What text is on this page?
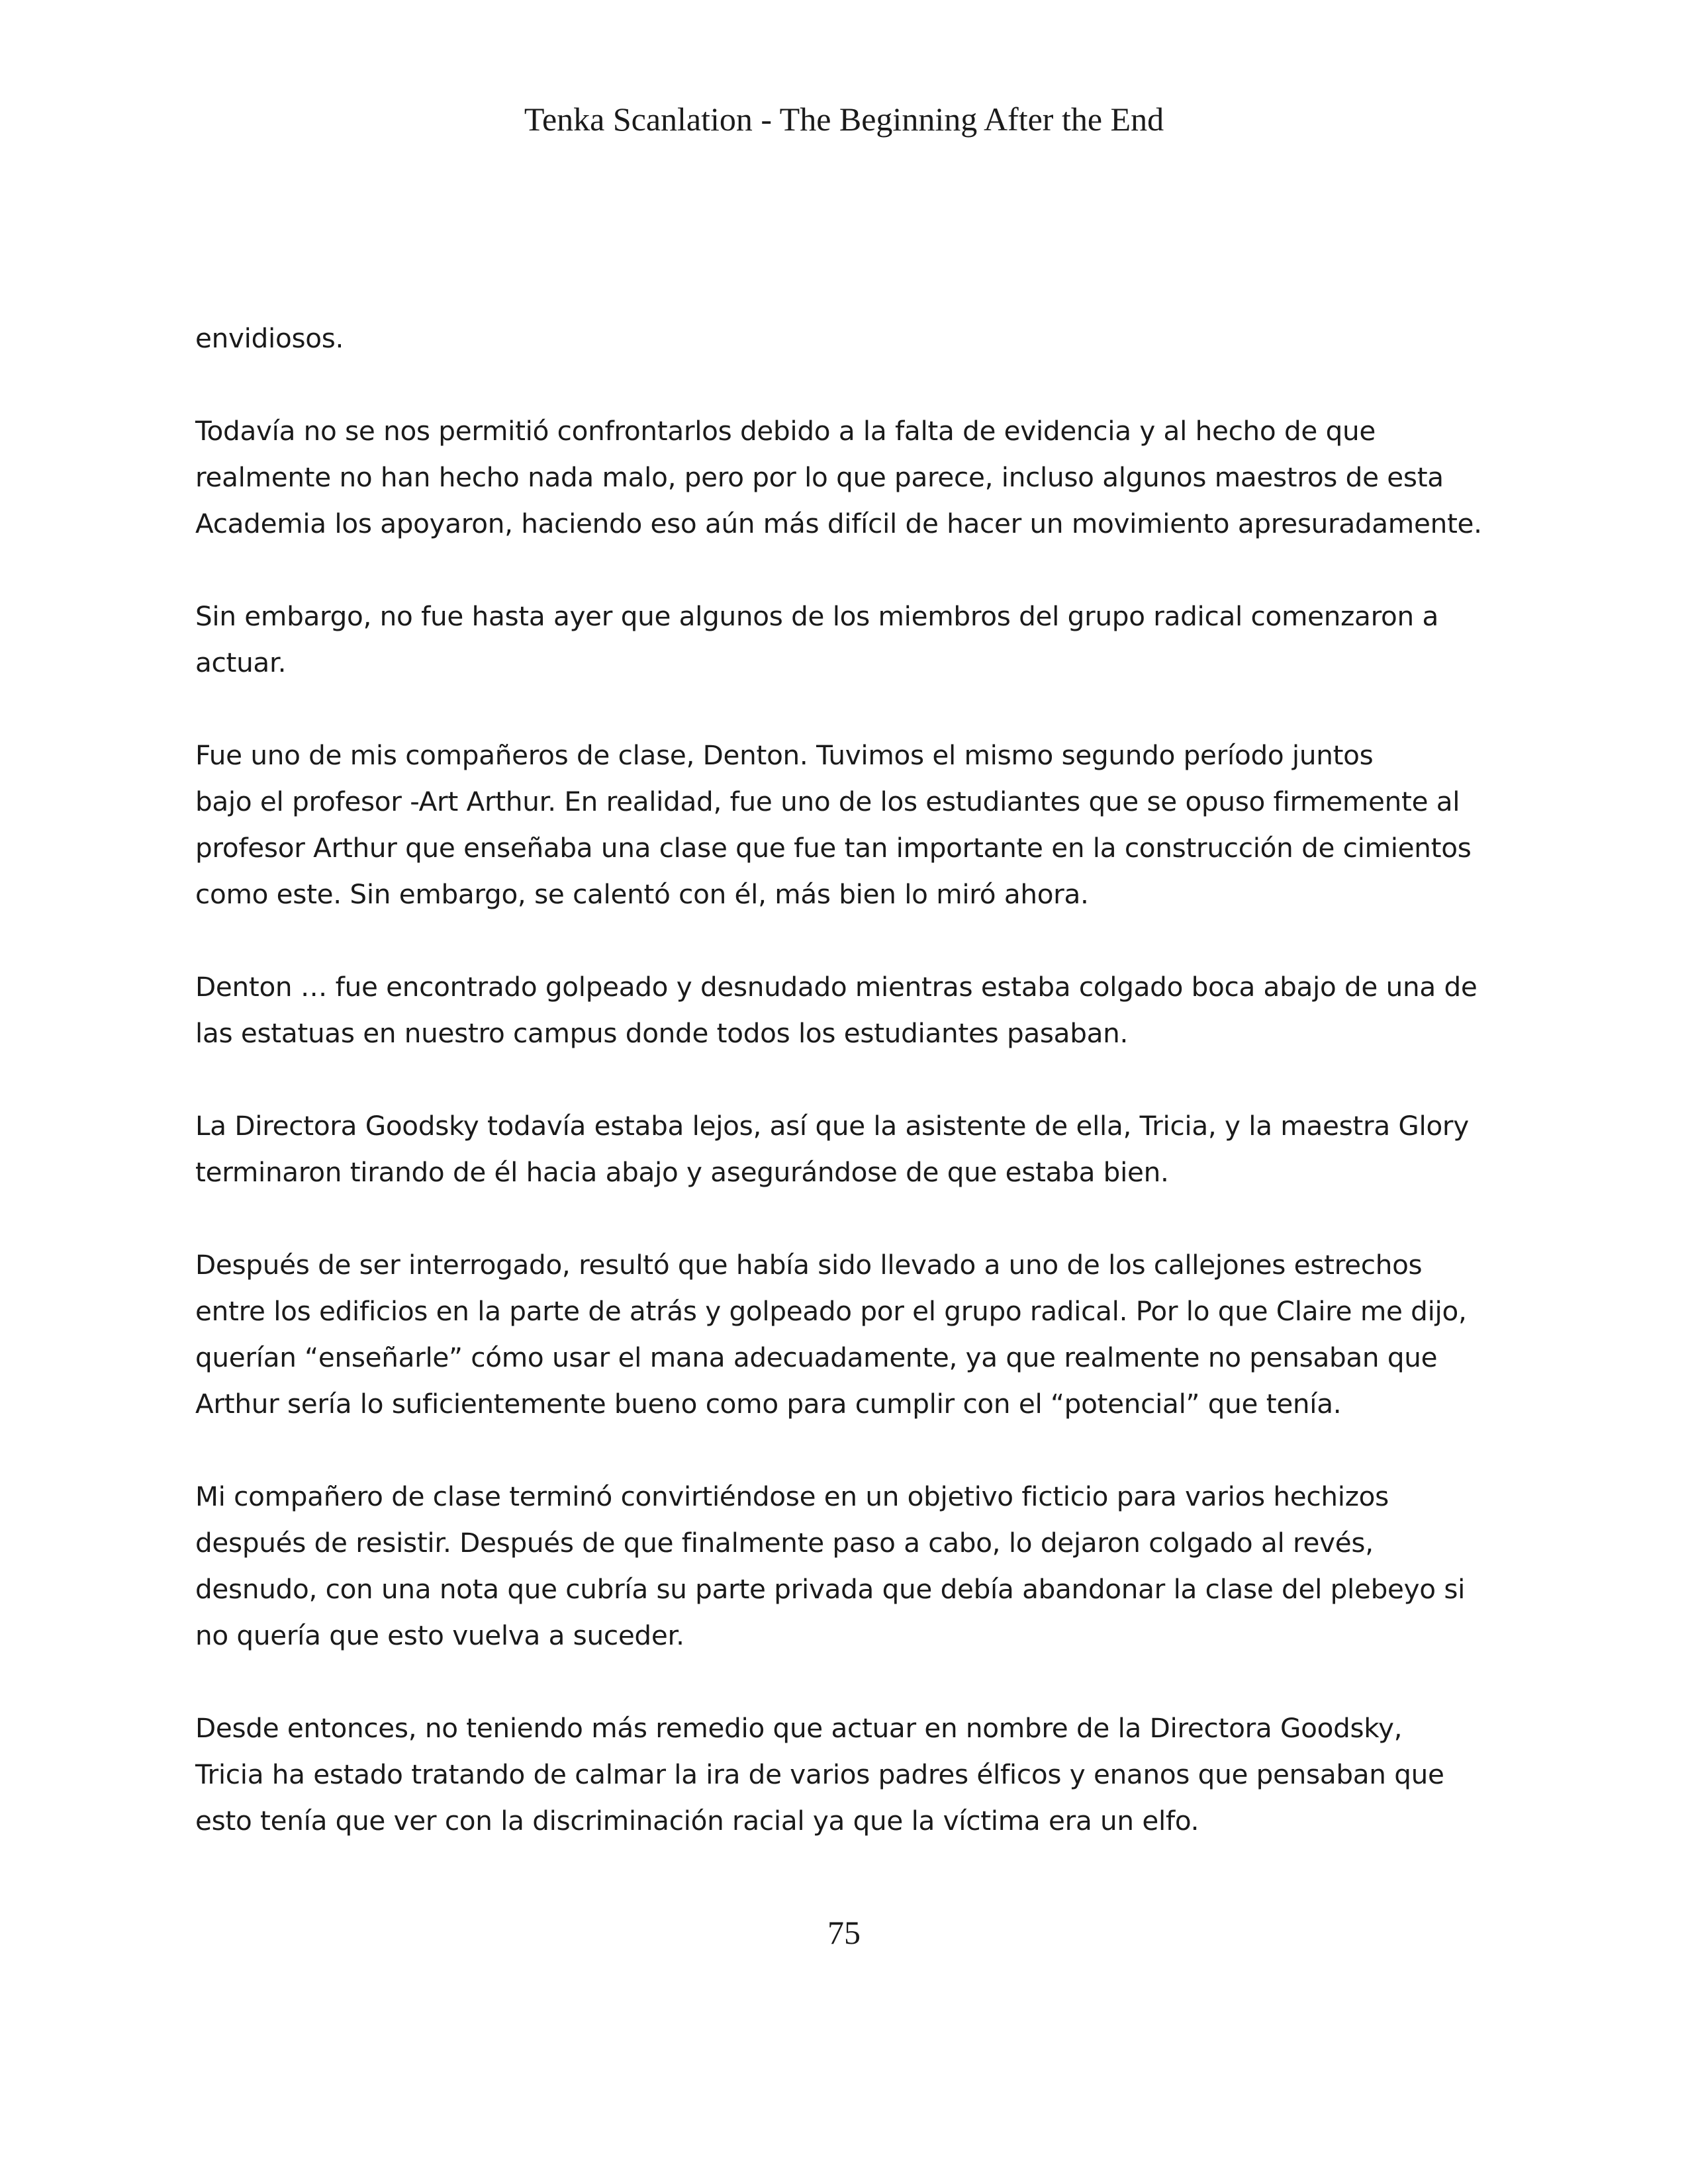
Tenka Scanlation - The Beginning After the End

envidiosos.

Todavía no se nos permitió confrontarlos debido a la falta de evidencia y al hecho de que
realmente no han hecho nada malo, pero por lo que parece, incluso algunos maestros de esta
Academia los apoyaron, haciendo eso aún más difícil de hacer un movimiento apresuradamente.

Sin embargo, no fue hasta ayer que algunos de los miembros del grupo radical comenzaron a
actuar.

Fue uno de mis compañeros de clase, Denton. Tuvimos el mismo segundo período juntos
bajo el profesor -Art Arthur. En realidad, fue uno de los estudiantes que se opuso firmemente al
profesor Arthur que enseñaba una clase que fue tan importante en la construcción de cimientos
como este. Sin embargo, se calentó con él, más bien lo miró ahora.

Denton … fue encontrado golpeado y desnudado mientras estaba colgado boca abajo de una de
las estatuas en nuestro campus donde todos los estudiantes pasaban.

La Directora Goodsky todavía estaba lejos, así que la asistente de ella, Tricia, y la maestra Glory
terminaron tirando de él hacia abajo y asegurándose de que estaba bien.

Después de ser interrogado, resultó que había sido llevado a uno de los callejones estrechos
entre los edificios en la parte de atrás y golpeado por el grupo radical. Por lo que Claire me dijo,
querían “enseñarle” cómo usar el mana adecuadamente, ya que realmente no pensaban que
Arthur sería lo suficientemente bueno como para cumplir con el “potencial” que tenía.

Mi compañero de clase terminó convirtiéndose en un objetivo ficticio para varios hechizos
después de resistir. Después de que finalmente paso a cabo, lo dejaron colgado al revés,
desnudo, con una nota que cubría su parte privada que debía abandonar la clase del plebeyo si
no quería que esto vuelva a suceder.

Desde entonces, no teniendo más remedio que actuar en nombre de la Directora Goodsky,
Tricia ha estado tratando de calmar la ira de varios padres élficos y enanos que pensaban que
esto tenía que ver con la discriminación racial ya que la víctima era un elfo.

75
